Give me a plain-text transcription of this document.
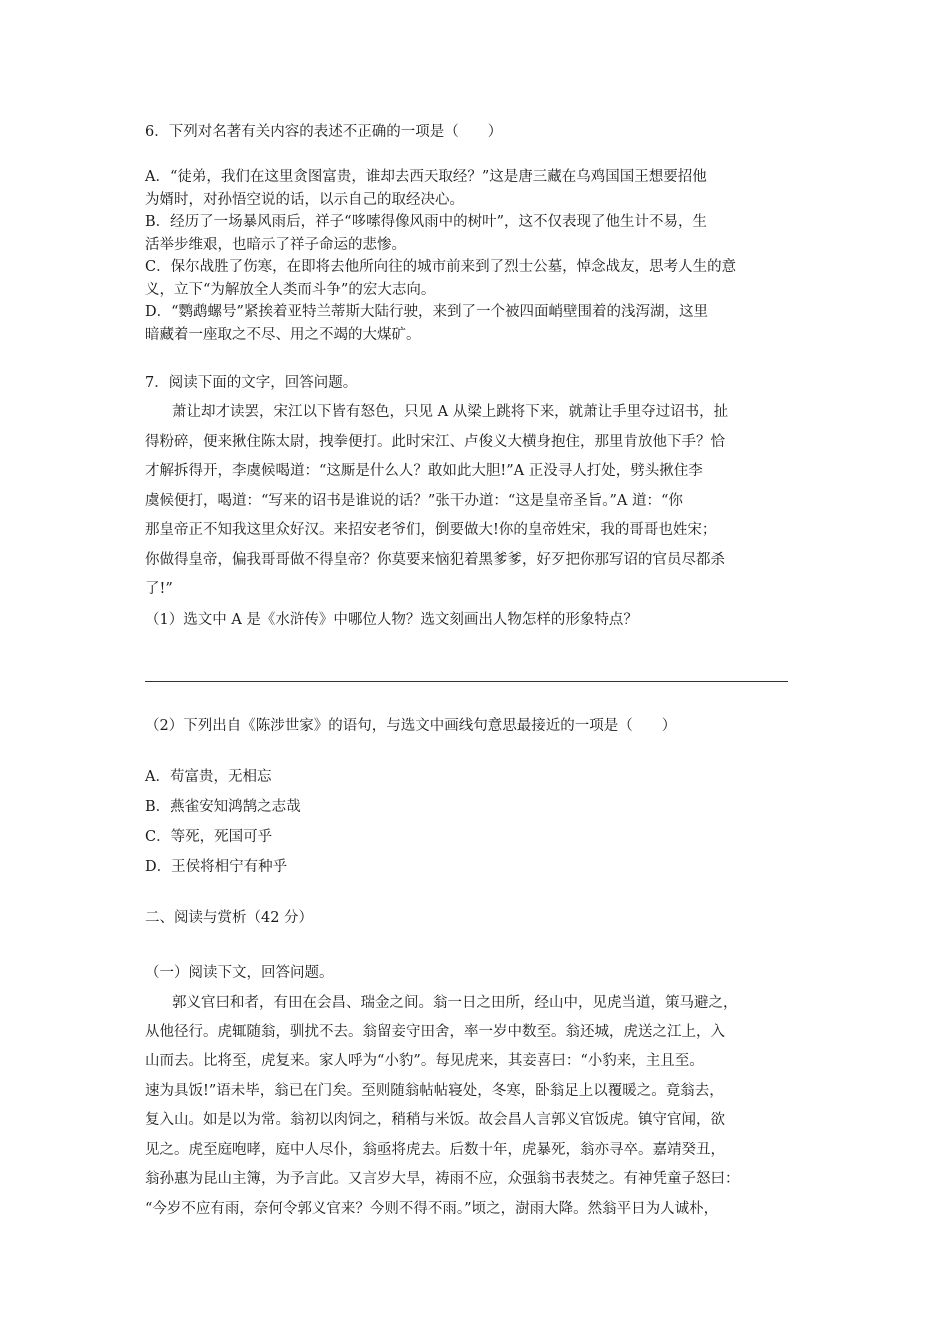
6．下列对名著有关内容的表述不正确的一项是（　　）
A．“徒弟，我们在这里贪图富贵，谁却去西天取经？”这是唐三藏在乌鸡国国王想要招他
为婿时，对孙悟空说的话，以示自己的取经决心。
B．经历了一场暴风雨后，祥子“哆嗦得像风雨中的树叶”，这不仅表现了他生计不易，生
活举步维艰，也暗示了祥子命运的悲惨。
C．保尔战胜了伤寒，在即将去他所向往的城市前来到了烈士公墓，悼念战友，思考人生的意
义，立下“为解放全人类而斗争”的宏大志向。
D．“鹦鹉螺号”紧挨着亚特兰蒂斯大陆行驶，来到了一个被四面峭壁围着的浅泻湖，这里
暗藏着一座取之不尽、用之不竭的大煤矿。
7．阅读下面的文字，回答问题。
萧让却才读罢，宋江以下皆有怒色，只见 A 从梁上跳将下来，就萧让手里夺过诏书，扯
得粉碎，便来揪住陈太尉，拽拳便打。此时宋江、卢俊义大横身抱住，那里肯放他下手？恰
才解拆得开，李虞候喝道：“这厮是什么人？敢如此大胆!”A 正没寻人打处，劈头揪住李
虞候便打，喝道：“写来的诏书是谁说的话？”张干办道：“这是皇帝圣旨。”A 道：“你
那皇帝正不知我这里众好汉。来招安老爷们，倒要做大!你的皇帝姓宋，我的哥哥也姓宋；
你做得皇帝，偏我哥哥做不得皇帝？你莫要来恼犯着黑爹爹，好歹把你那写诏的官员尽都杀
了!”
（1）选文中 A 是《水浒传》中哪位人物？选文刻画出人物怎样的形象特点？
（2）下列出自《陈涉世家》的语句，与选文中画线句意思最接近的一项是（　　）
A．苟富贵，无相忘
B．燕雀安知鸿鹄之志哉
C．等死，死国可乎
D．王侯将相宁有种乎
二、阅读与赏析（42 分）
（一）阅读下文，回答问题。
郭义官曰和者，有田在会昌、瑞金之间。翁一日之田所，经山中，见虎当道，策马避之，
从他径行。虎辄随翁，驯扰不去。翁留妾守田舍，率一岁中数至。翁还城，虎送之江上，入
山而去。比将至，虎复来。家人呼为“小豹”。每见虎来，其妾喜曰：“小豹来，主且至。
速为具饭!”语未毕，翁已在门矣。至则随翁帖帖寝处，冬寒，卧翁足上以覆暖之。竟翁去，
复入山。如是以为常。翁初以肉饲之，稍稍与米饭。故会昌人言郭义官饭虎。镇守官闻，欲
见之。虎至庭咆哮，庭中人尽仆，翁亟将虎去。后数十年，虎暴死，翁亦寻卒。嘉靖癸丑，
翁孙惠为昆山主簿，为予言此。又言岁大旱，祷雨不应，众强翁书表焚之。有神凭童子怒曰：
“今岁不应有雨，奈何令郭义官来？今则不得不雨。”顷之，澍雨大降。然翁平日为人诚朴，
